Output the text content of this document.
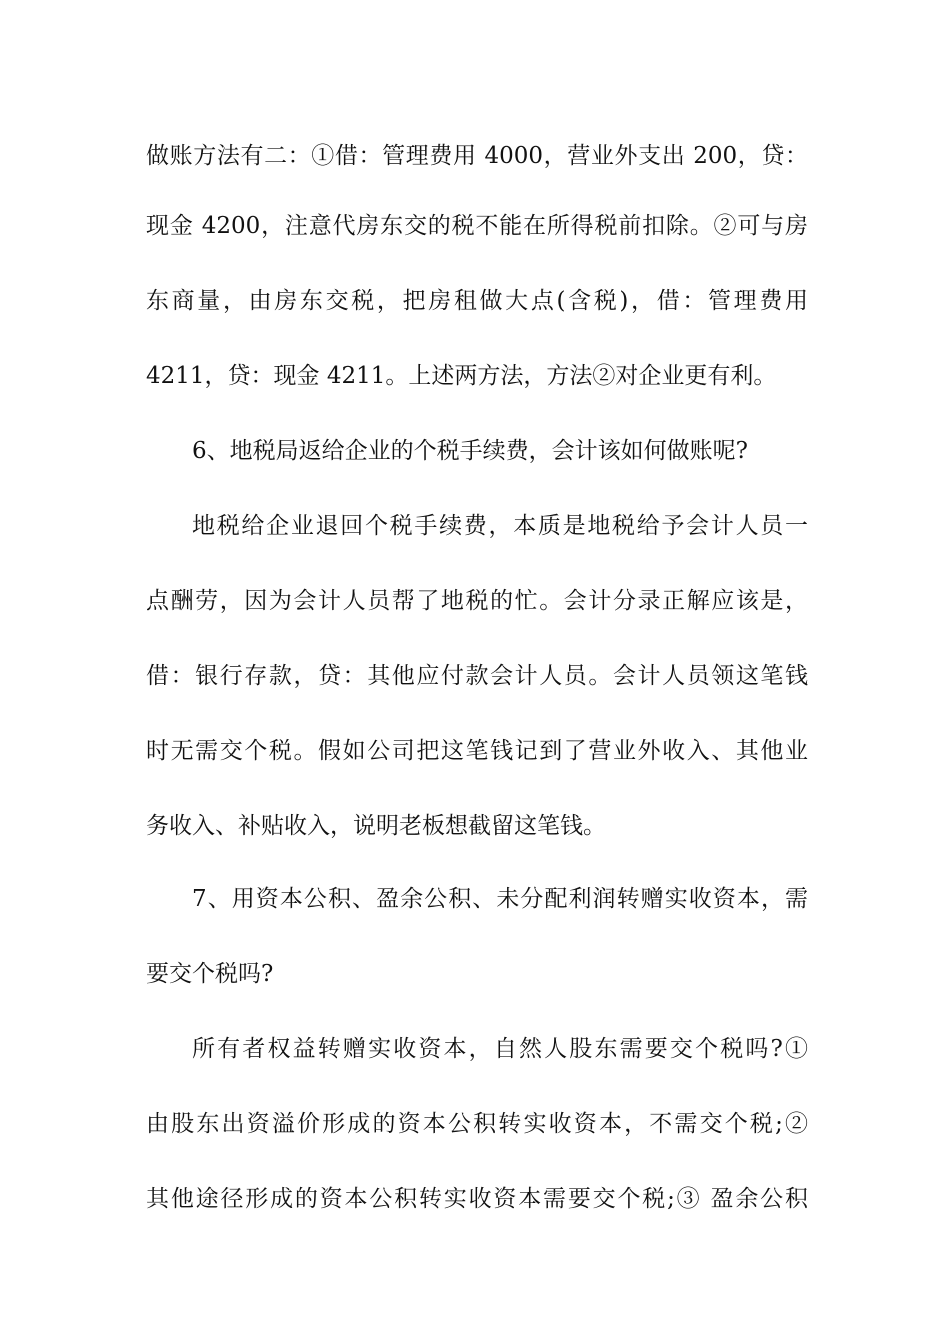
做账方法有二：①借：管理费用 4000，营业外支出 200，贷：
现金 4200，注意代房东交的税不能在所得税前扣除。②可与房
东商量，由房东交税，把房租做大点(含税)，借：管理费用
4211，贷：现金 4211。上述两方法，方法②对企业更有利。
6、地税局返给企业的个税手续费，会计该如何做账呢?
地税给企业退回个税手续费，本质是地税给予会计人员一
点酬劳，因为会计人员帮了地税的忙。会计分录正解应该是，
借：银行存款，贷：其他应付款会计人员。会计人员领这笔钱
时无需交个税。假如公司把这笔钱记到了营业外收入、其他业
务收入、补贴收入，说明老板想截留这笔钱。
7、用资本公积、盈余公积、未分配利润转赠实收资本，需
要交个税吗?
所有者权益转赠实收资本，自然人股东需要交个税吗?①
由股东出资溢价形成的资本公积转实收资本，不需交个税;②
其他途径形成的资本公积转实收资本需要交个税;③ 盈余公积
